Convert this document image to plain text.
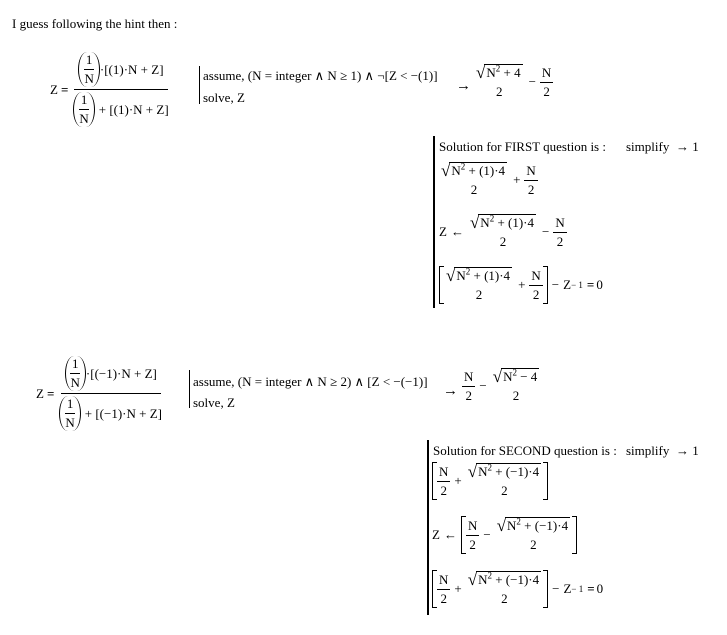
I guess following the hint then :
$Z = \frac{\frac{1}{N} \cdot [(1)\cdot N + Z]}{\frac{1}{N} + [(1)\cdot N + Z]}$ assume, (N = integer ∧ N ≥ 1) ∧ ¬[Z < −(1)]
solve, Z
→
√ $N^2 + 4$
2
− $\frac{N}{2}$
Solution for FIRST question is : simplify → 1
√ $N^2 + (1)\cdot 4$
2
+ $\frac{N}{2}$
Z ← √ $N^2 + (1)\cdot 4$
2
− $\frac{N}{2}$
√ $N^2 + (1)\cdot 4$
2
+ $\frac{N}{2} - Z - 1 = 0$
$Z = \frac{\frac{1}{N} \cdot [(-1)\cdot N + Z]}{\frac{1}{N} + [(-1)\cdot N + Z]}$ assume, (N = integer ∧ N ≥ 2) ∧ [Z < −(−1)]
solve, Z
→ $\frac{N}{2}$ − √ $N^2 - 4$
2
Solution for SECOND question is : simplify → 1
$\frac{N}{2}$ + √ $N^2 + (-1)\cdot 4$
2
Z ← $\frac{N}{2}$ − √ $N^2 + (-1)\cdot 4$
2
$\frac{N}{2}$ + √ $N^2 + (-1)\cdot 4$
2
− Z − 1 = 0
